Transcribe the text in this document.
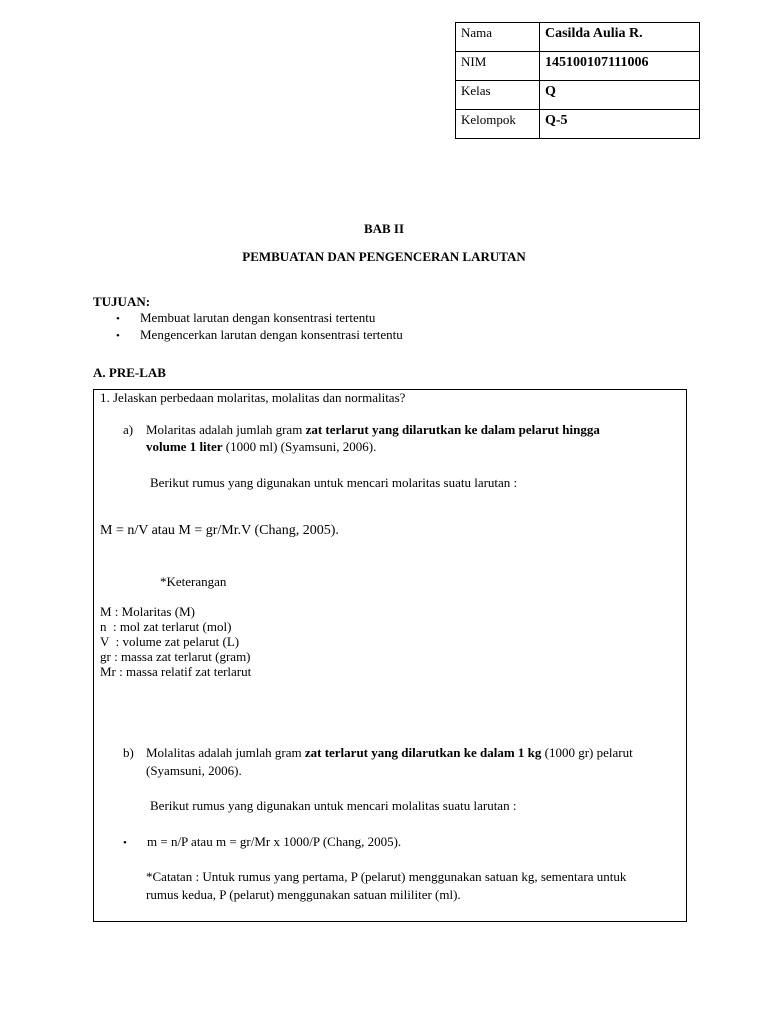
Nama	Casilda Aulia R.
NIM	145100107111006
Kelas	Q
Kelompok	Q-5
BAB II
PEMBUATAN DAN PENGENCERAN LARUTAN
TUJUAN:
• Membuat larutan dengan konsentrasi tertentu
• Mengencerkan larutan dengan konsentrasi tertentu
A. PRE-LAB
1. Jelaskan perbedaan molaritas, molalitas dan normalitas?
a) Molaritas adalah jumlah gram zat terlarut yang dilarutkan ke dalam pelarut hingga
volume 1 liter (1000 ml) (Syamsuni, 2006).
Berikut rumus yang digunakan untuk mencari molaritas suatu larutan :
M = n/V atau M = gr/Mr.V (Chang, 2005).
*Keterangan
M : Molaritas (M)
n  : mol zat terlarut (mol)
V  : volume zat pelarut (L)
gr : massa zat terlarut (gram)
Mr : massa relatif zat terlarut
b) Molalitas adalah jumlah gram zat terlarut yang dilarutkan ke dalam 1 kg (1000 gr) pelarut
(Syamsuni, 2006).
Berikut rumus yang digunakan untuk mencari molalitas suatu larutan :
• m = n/P atau m = gr/Mr x 1000/P (Chang, 2005).
*Catatan : Untuk rumus yang pertama, P (pelarut) menggunakan satuan kg, sementara untuk
rumus kedua, P (pelarut) menggunakan satuan mililiter (ml).
